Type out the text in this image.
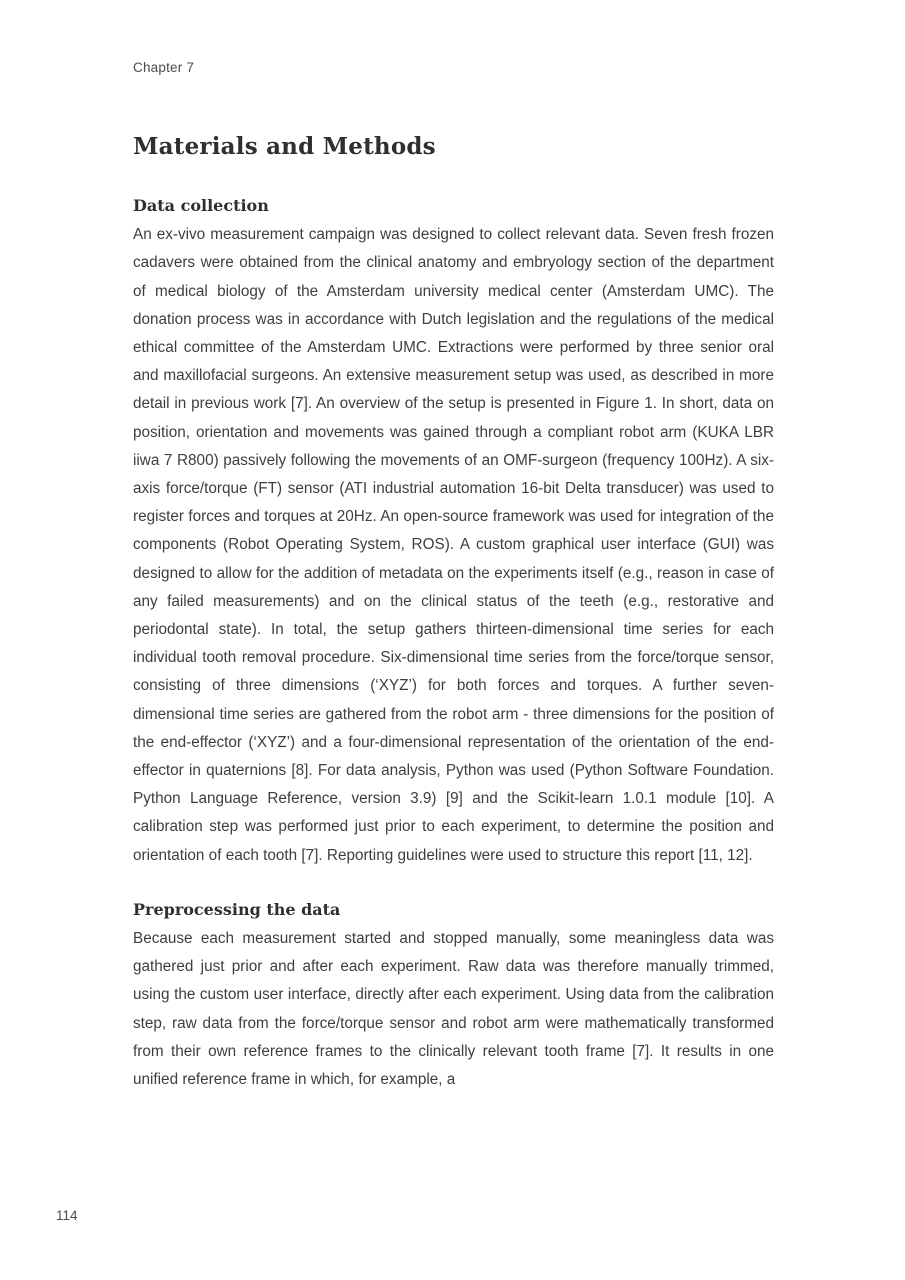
Chapter 7
Materials and Methods
Data collection

An ex-vivo measurement campaign was designed to collect relevant data. Seven fresh frozen cadavers were obtained from the clinical anatomy and embryology section of the department of medical biology of the Amsterdam university medical center (Amsterdam UMC). The donation process was in accordance with Dutch legislation and the regulations of the medical ethical committee of the Amsterdam UMC. Extractions were performed by three senior oral and maxillofacial surgeons. An extensive measurement setup was used, as described in more detail in previous work [7]. An overview of the setup is presented in Figure 1. In short, data on position, orientation and movements was gained through a compliant robot arm (KUKA LBR iiwa 7 R800) passively following the movements of an OMF-surgeon (frequency 100Hz). A six-axis force/torque (FT) sensor (ATI industrial automation 16-bit Delta transducer) was used to register forces and torques at 20Hz. An open-source framework was used for integration of the components (Robot Operating System, ROS). A custom graphical user interface (GUI) was designed to allow for the addition of metadata on the experiments itself (e.g., reason in case of any failed measurements) and on the clinical status of the teeth (e.g., restorative and periodontal state). In total, the setup gathers thirteen-dimensional time series for each individual tooth removal procedure. Six-dimensional time series from the force/torque sensor, consisting of three dimensions (‘XYZ’) for both forces and torques. A further seven-dimensional time series are gathered from the robot arm - three dimensions for the position of the end-effector (‘XYZ’) and a four-dimensional representation of the orientation of the end-effector in quaternions [8]. For data analysis, Python was used (Python Software Foundation. Python Language Reference, version 3.9) [9] and the Scikit-learn 1.0.1 module [10]. A calibration step was performed just prior to each experiment, to determine the position and orientation of each tooth [7]. Reporting guidelines were used to structure this report [11, 12].

Preprocessing the data

Because each measurement started and stopped manually, some meaningless data was gathered just prior and after each experiment. Raw data was therefore manually trimmed, using the custom user interface, directly after each experiment. Using data from the calibration step, raw data from the force/torque sensor and robot arm were mathematically transformed from their own reference frames to the clinically relevant tooth frame [7]. It results in one unified reference frame in which, for example, a

114
